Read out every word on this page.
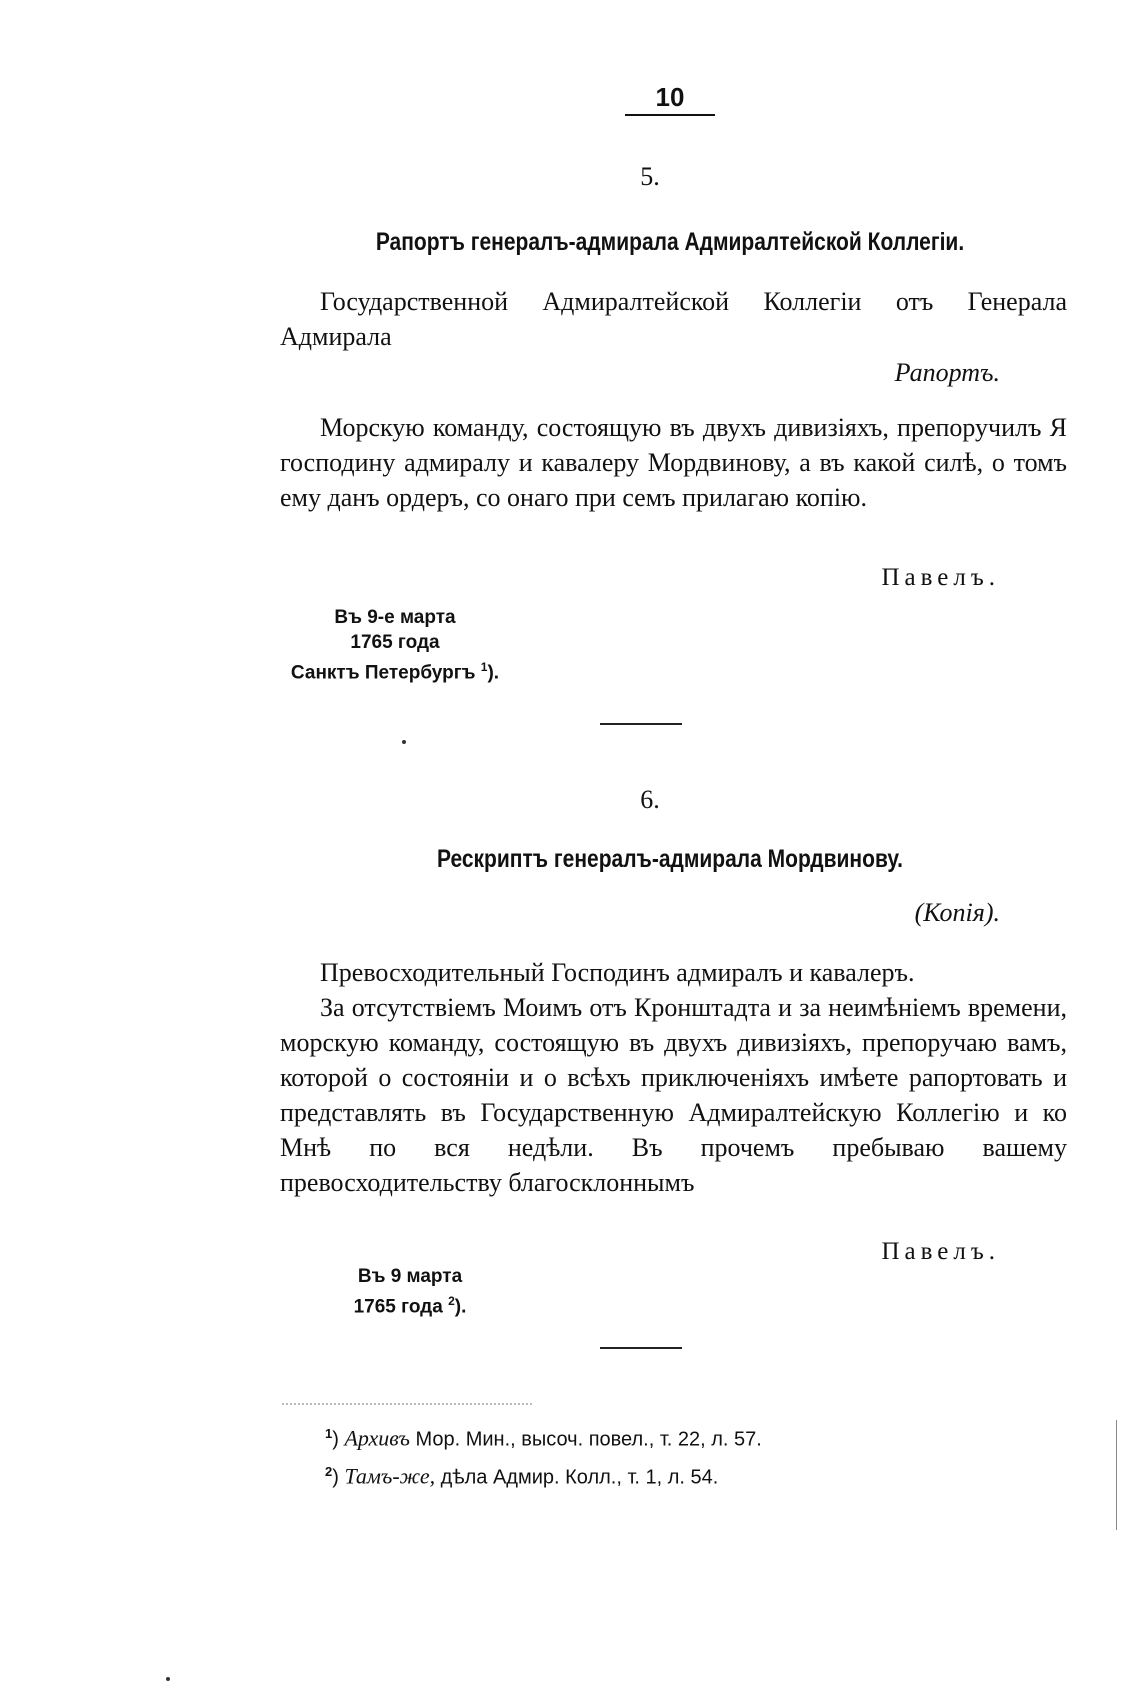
10
5.
Рапортъ генералъ-адмирала Адмиралтейской Коллегіи.
Государственной Адмиралтейской Коллегіи отъ Генерала
Адмирала
Рапортъ.
Морскую команду, состоящую въ двухъ дивизіяхъ, препоручилъ Я господину адмиралу и кавалеру Мордвинову, а въ какой силѣ, о томъ ему данъ ордеръ, со онаго при семъ прилагаю копію.
Павелъ.
Въ 9-е марта
1765 года
Санктъ Петербургъ $^1$).
6.
Рескриптъ генералъ-адмирала Мордвинову.
(Копія).
Превосходительный Господинъ адмиралъ и кавалеръ.
За отсутствіемъ Моимъ отъ Кронштадта и за неимѣніемъ времени, морскую команду, состоящую въ двухъ дивизіяхъ, препоручаю вамъ, которой о состояніи и о всѣхъ приключеніяхъ имѣете рапортовать и представлять въ Государственную Адмиралтейскую Коллегію и ко Мнѣ по вся недѣли. Въ прочемъ пребываю вашему превосходительству благосклоннымъ
Павелъ.
Въ 9 марта
1765 года $^2$).
$^1$) Архивъ Мор. Мин., высоч. повел., т. 22, л. 57.
$^2$) Тамъ-же, дѣла Адмир. Колл., т. 1, л. 54.
